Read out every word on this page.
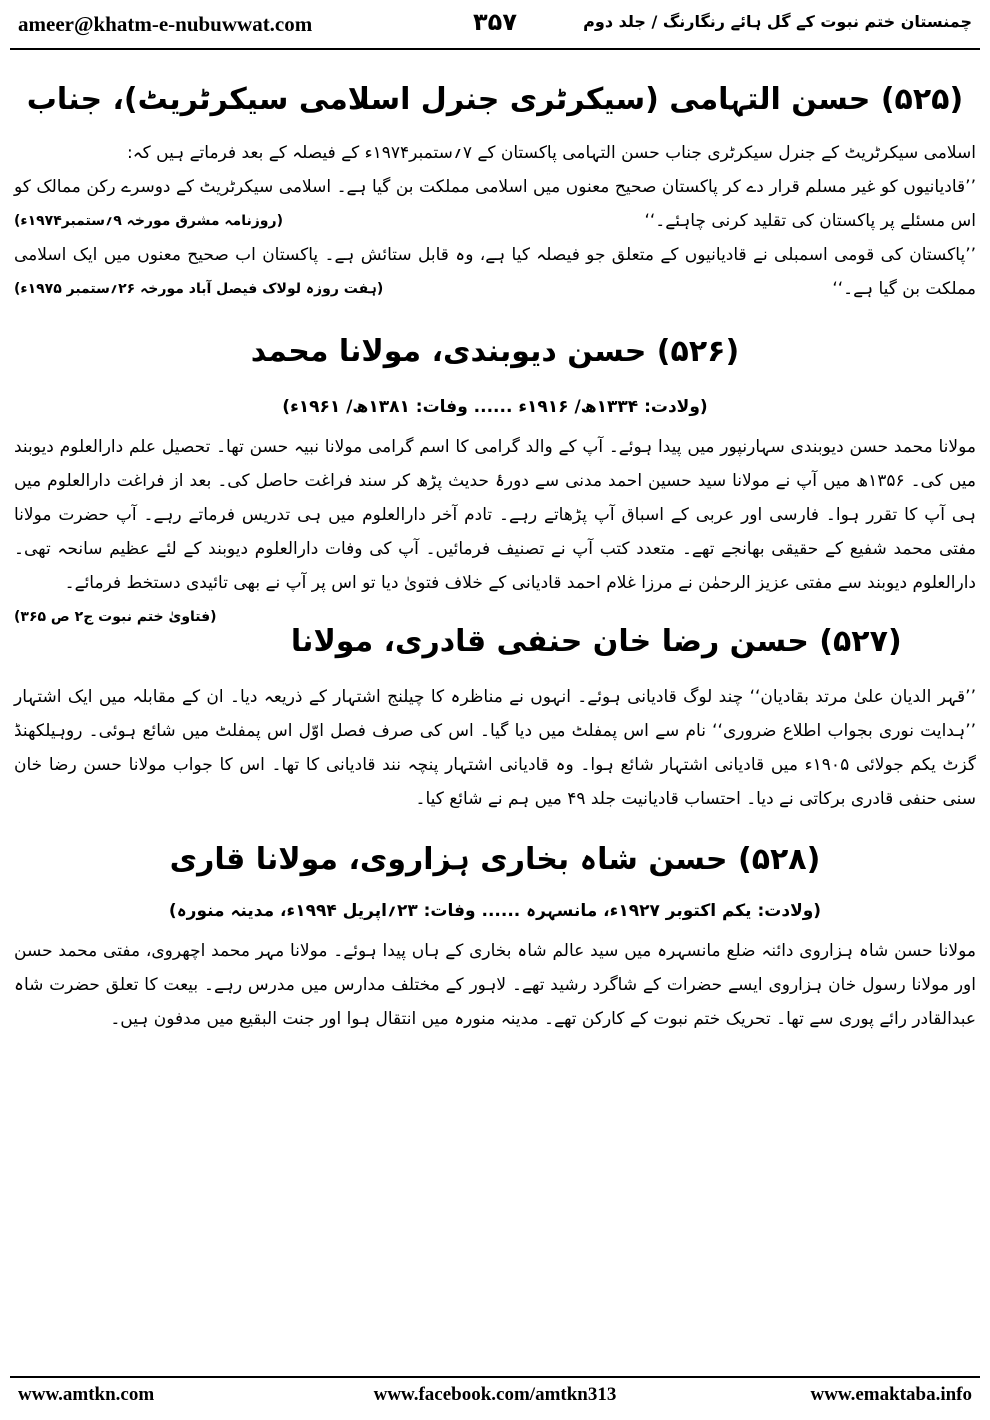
ameer@khatm-e-nubuwwat.com	۳۵۷	چمنستان ختم نبوت کے گل ہائے رنگارنگ / جلد دوم
(۵۲۵) حسن التہامی (سیکرٹری جنرل اسلامی سیکرٹریٹ)، جناب

اسلامی سیکرٹریٹ کے جنرل سیکرٹری جناب حسن التہامی پاکستان کے ۷؍ستمبر۱۹۷۴ء کے فیصلہ کے بعد فرماتے ہیں کہ:

’’قادیانیوں کو غیر مسلم قرار دے کر پاکستان صحیح معنوں میں اسلامی مملکت بن گیا ہے۔ اسلامی سیکرٹریٹ کے دوسرے رکن ممالک کو اس مسئلے پر پاکستان کی تقلید کرنی چاہئے۔‘‘
(روزنامہ مشرق مورخہ ۹؍ستمبر۱۹۷۴ء)

’’پاکستان کی قومی اسمبلی نے قادیانیوں کے متعلق جو فیصلہ کیا ہے، وہ قابل ستائش ہے۔ پاکستان اب صحیح معنوں میں ایک اسلامی مملکت بن گیا ہے۔‘‘
(ہفت روزہ لولاک فیصل آباد مورخہ ۲۶؍ستمبر ۱۹۷۵ء)

(۵۲۶) حسن دیوبندی، مولانا محمد
(ولادت: ۱۳۳۴ھ/ ۱۹۱۶ء ...... وفات: ۱۳۸۱ھ/ ۱۹۶۱ء)

مولانا محمد حسن دیوبندی سہارنپور میں پیدا ہوئے۔ آپ کے والد گرامی کا اسم گرامی مولانا نبیہ حسن تھا۔ تحصیل علم دارالعلوم دیوبند میں کی۔ ۱۳۵۶ھ میں آپ نے مولانا سید حسین احمد مدنی سے دورۂ حدیث پڑھ کر سند فراغت حاصل کی۔ بعد از فراغت دارالعلوم میں ہی آپ کا تقرر ہوا۔ فارسی اور عربی کے اسباق آپ پڑھاتے رہے۔ تادم آخر دارالعلوم میں ہی تدریس فرماتے رہے۔ آپ حضرت مولانا مفتی محمد شفیع کے حقیقی بھانجے تھے۔ متعدد کتب آپ نے تصنیف فرمائیں۔ آپ کی وفات دارالعلوم دیوبند کے لئے عظیم سانحہ تھی۔ دارالعلوم دیوبند سے مفتی عزیز الرحمٰن نے مرزا غلام احمد قادیانی کے خلاف فتویٰ دیا تو اس پر آپ نے بھی تائیدی دستخط فرمائے۔
(فتاویٰ ختم نبوت ج۲ ص ۳۶۵)

(۵۲۷) حسن رضا خان حنفی قادری، مولانا

’’قہر الدیان علیٰ مرتد بقادیان‘‘ چند لوگ قادیانی ہوئے۔ انہوں نے مناظرہ کا چیلنج اشتہار کے ذریعہ دیا۔ ان کے مقابلہ میں ایک اشتہار ’’ہدایت نوری بجواب اطلاع ضروری‘‘ نام سے اس پمفلٹ میں دیا گیا۔ اس کی صرف فصل اوّل اس پمفلٹ میں شائع ہوئی۔ روہیلکھنڈ گزٹ یکم جولائی ۱۹۰۵ء میں قادیانی اشتہار شائع ہوا۔ وہ قادیانی اشتہار پنچہ نند قادیانی کا تھا۔ اس کا جواب مولانا حسن رضا خان سنی حنفی قادری برکاتی نے دیا۔ احتساب قادیانیت جلد ۴۹ میں ہم نے شائع کیا۔

(۵۲۸) حسن شاہ بخاری ہزاروی، مولانا قاری
(ولادت: یکم اکتوبر ۱۹۲۷ء، مانسہرہ ...... وفات: ۲۳؍اپریل ۱۹۹۴ء، مدینہ منورہ)

مولانا حسن شاہ ہزاروی دائنہ ضلع مانسہرہ میں سید عالم شاہ بخاری کے ہاں پیدا ہوئے۔ مولانا مہر محمد اچھروی، مفتی محمد حسن اور مولانا رسول خان ہزاروی ایسے حضرات کے شاگرد رشید تھے۔ لاہور کے مختلف مدارس میں مدرس رہے۔ بیعت کا تعلق حضرت شاہ عبدالقادر رائے پوری سے تھا۔ تحریک ختم نبوت کے کارکن تھے۔ مدینہ منورہ میں انتقال ہوا اور جنت البقیع میں مدفون ہیں۔

www.amtkn.com	www.facebook.com/amtkn313	www.emaktaba.info
